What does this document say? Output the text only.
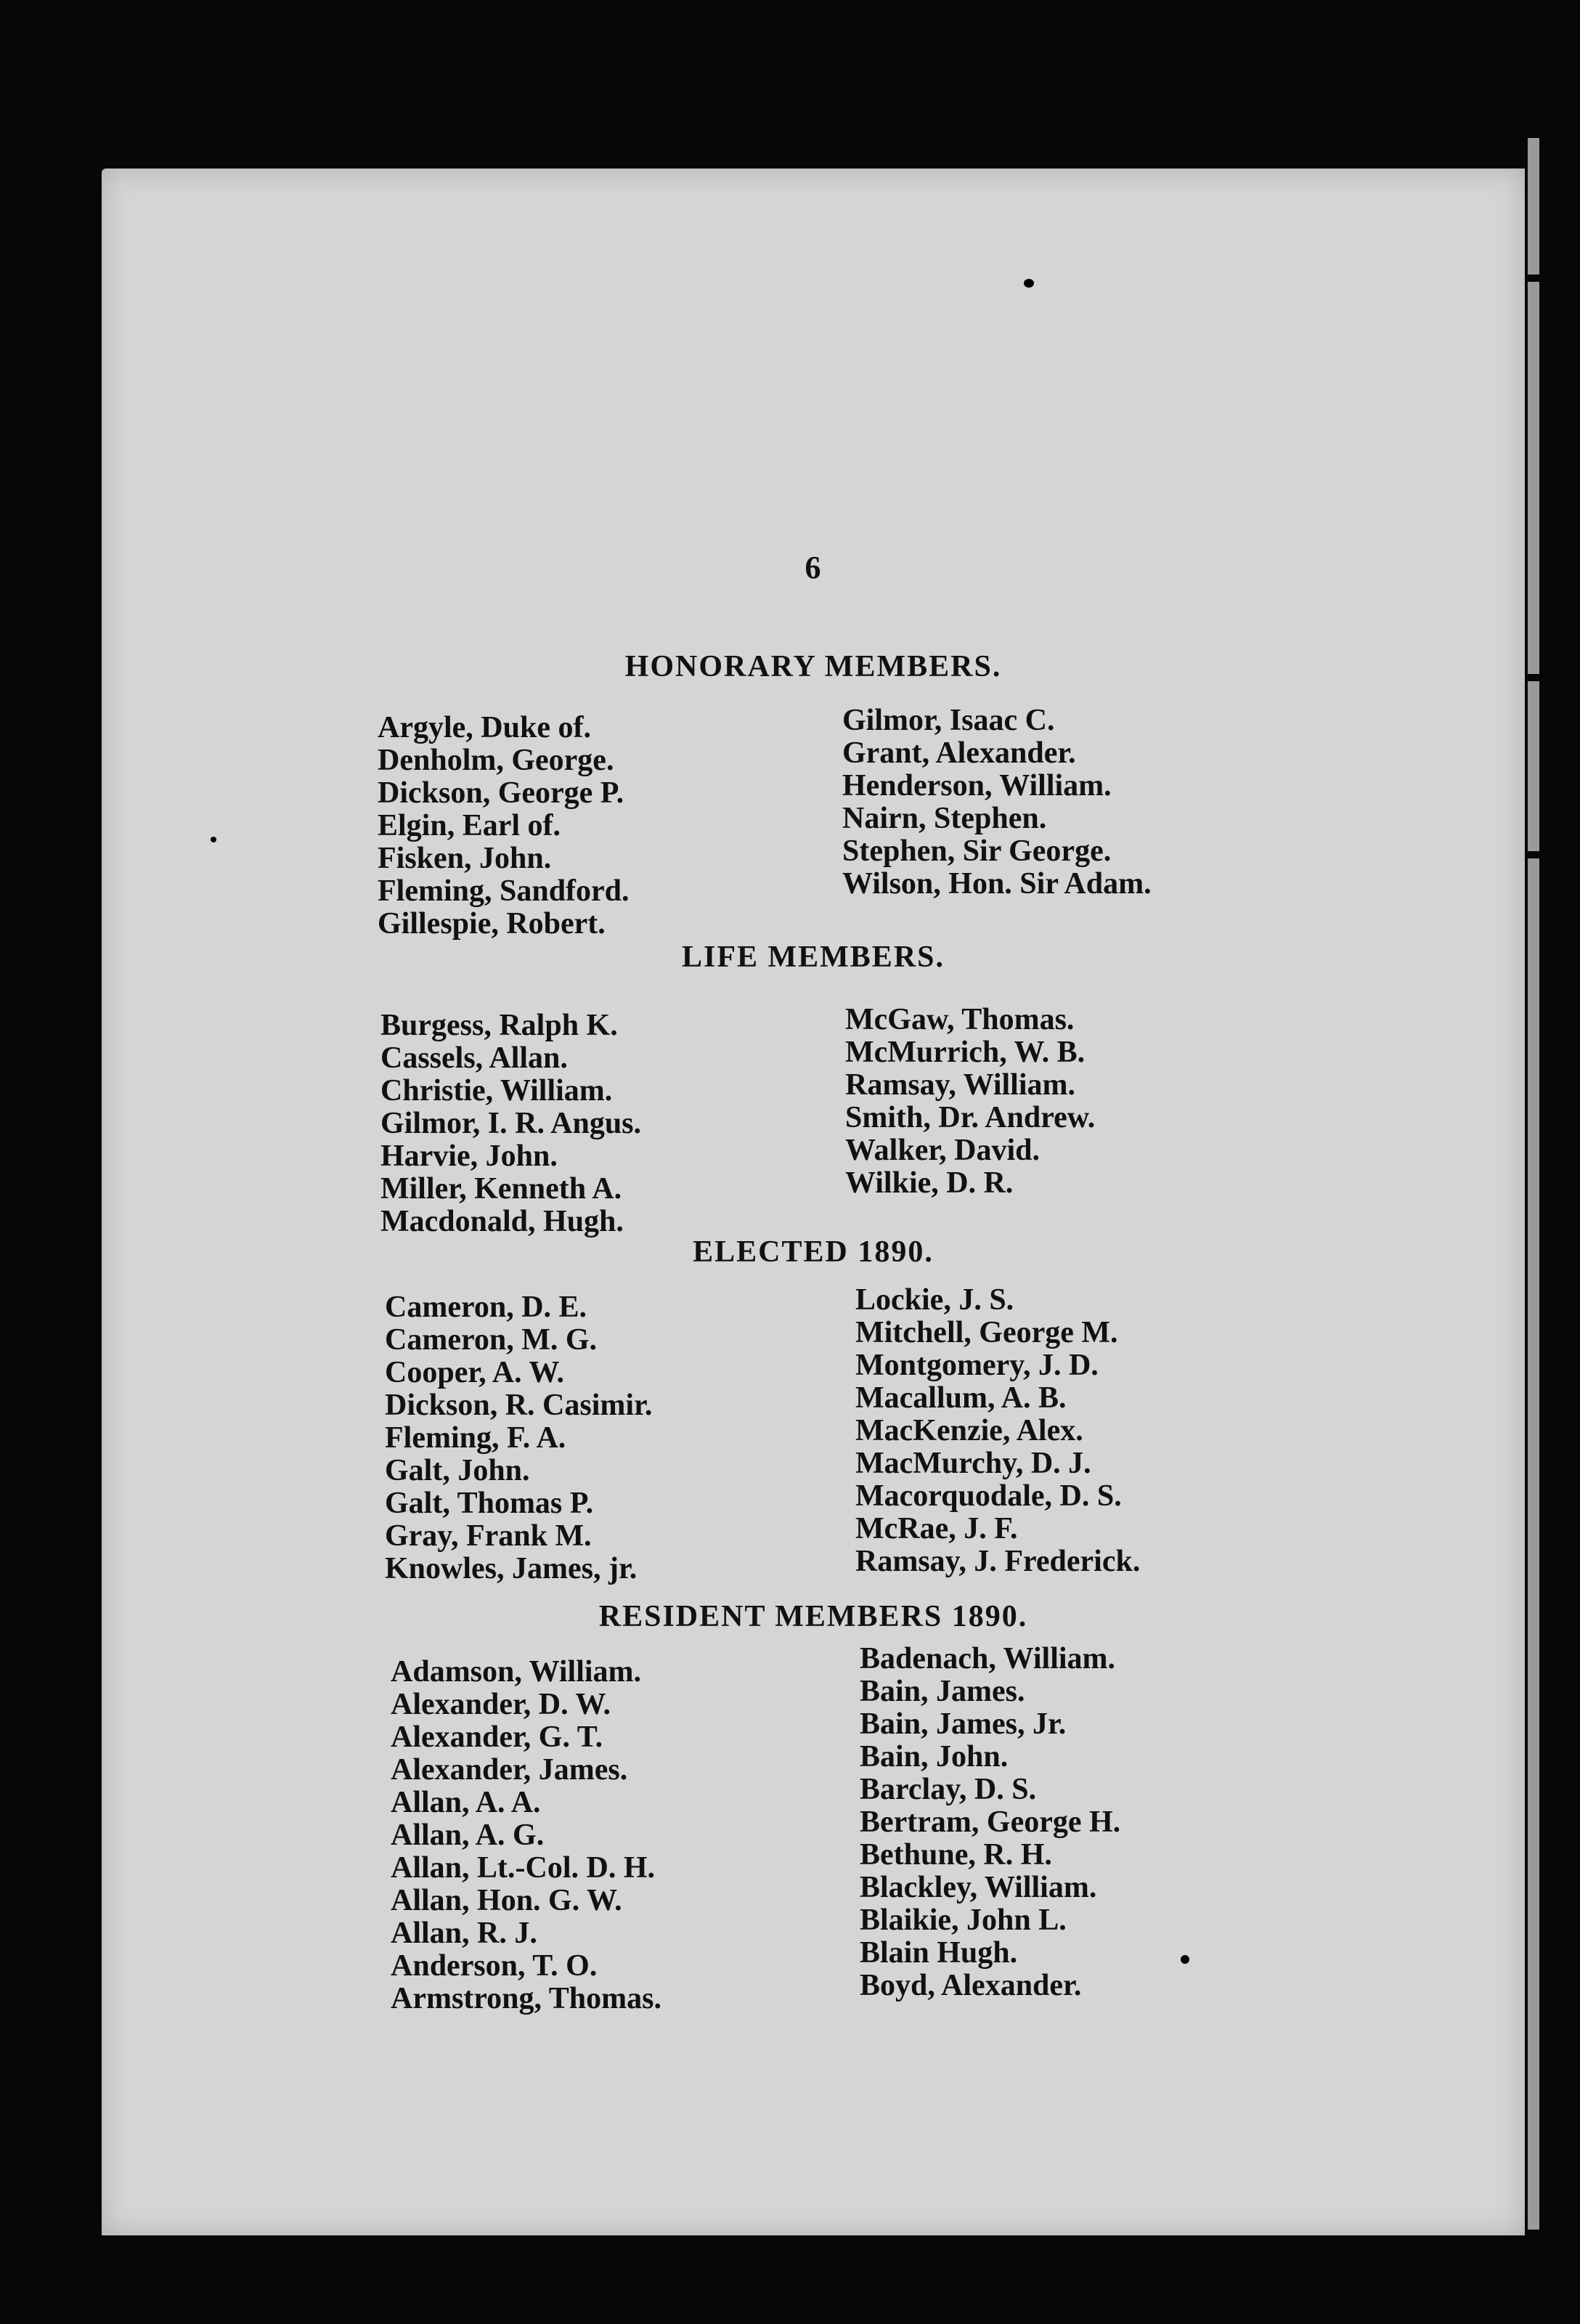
6
HONORARY MEMBERS.
Argyle, Duke of.
Denholm, George.
Dickson, George P.
Elgin, Earl of.
Fisken, John.
Fleming, Sandford.
Gillespie, Robert.
Gilmor, Isaac C.
Grant, Alexander.
Henderson, William.
Nairn, Stephen.
Stephen, Sir George.
Wilson, Hon. Sir Adam.
LIFE MEMBERS.
Burgess, Ralph K.
Cassels, Allan.
Christie, William.
Gilmor, I. R. Angus.
Harvie, John.
Miller, Kenneth A.
Macdonald, Hugh.
McGaw, Thomas.
McMurrich, W. B.
Ramsay, William.
Smith, Dr. Andrew.
Walker, David.
Wilkie, D. R.
ELECTED 1890.
Cameron, D. E.
Cameron, M. G.
Cooper, A. W.
Dickson, R. Casimir.
Fleming, F. A.
Galt, John.
Galt, Thomas P.
Gray, Frank M.
Knowles, James, jr.
Lockie, J. S.
Mitchell, George M.
Montgomery, J. D.
Macallum, A. B.
MacKenzie, Alex.
MacMurchy, D. J.
Macorquodale, D. S.
McRae, J. F.
Ramsay, J. Frederick.
RESIDENT MEMBERS 1890.
Adamson, William.
Alexander, D. W.
Alexander, G. T.
Alexander, James.
Allan, A. A.
Allan, A. G.
Allan, Lt.-Col. D. H.
Allan, Hon. G. W.
Allan, R. J.
Anderson, T. O.
Armstrong, Thomas.
Badenach, William.
Bain, James.
Bain, James, Jr.
Bain, John.
Barclay, D. S.
Bertram, George H.
Bethune, R. H.
Blackley, William.
Blaikie, John L.
Blain Hugh.
Boyd, Alexander.
